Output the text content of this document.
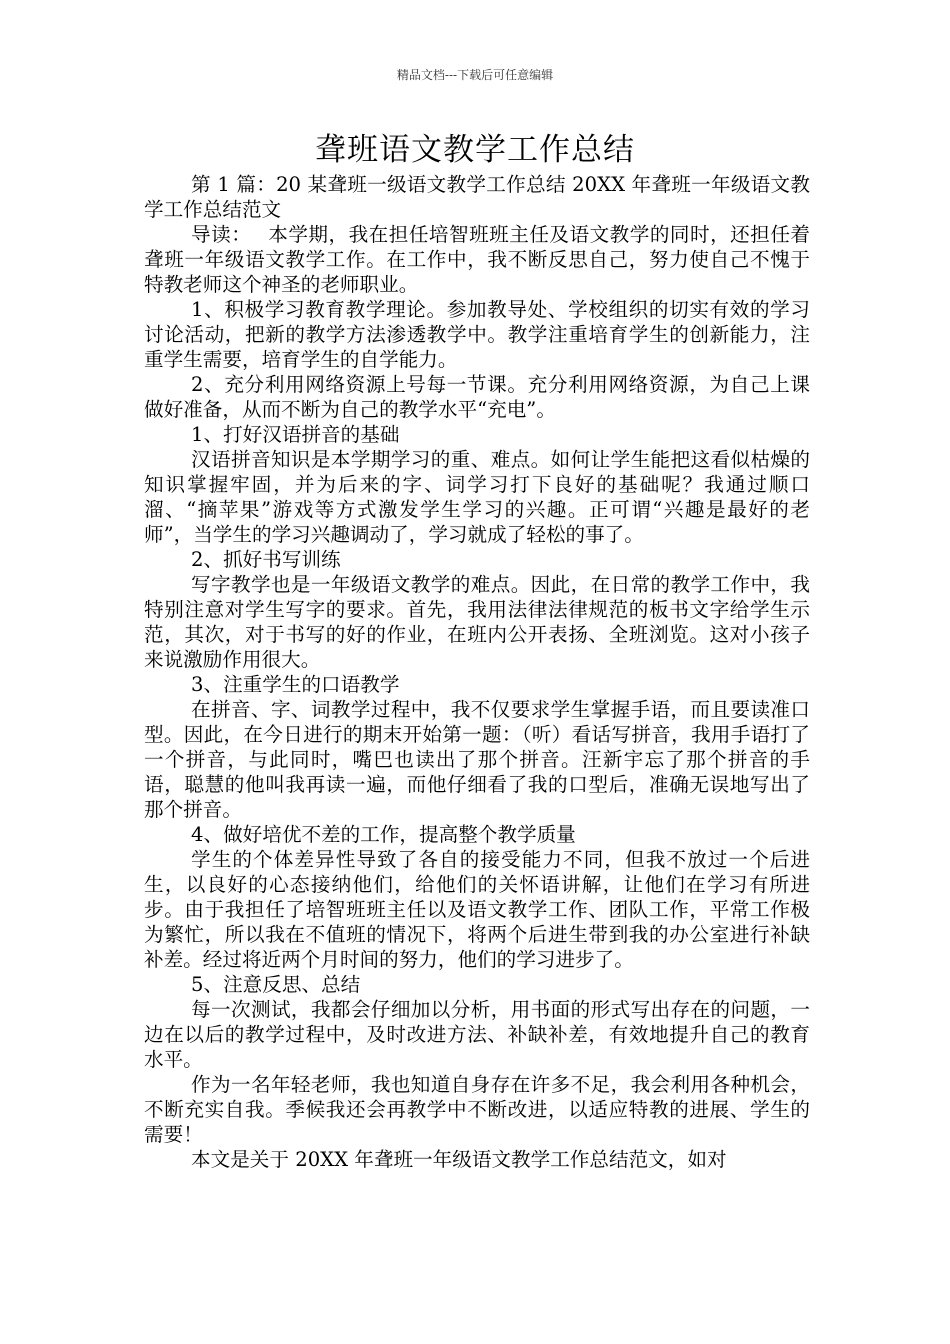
精品文档---下载后可任意编辑
聋班语文教学工作总结

第 1 篇：20 某聋班一级语文教学工作总结 20XX 年聋班一年级语文教学工作总结范文

导读：　 本学期，我在担任培智班班主任及语文教学的同时，还担任着聋班一年级语文教学工作。在工作中，我不断反思自己，努力使自己不愧于特教老师这个神圣的老师职业。

1、积极学习教育教学理论。参加教导处、学校组织的切实有效的学习讨论活动，把新的教学方法渗透教学中。教学注重培育学生的创新能力，注重学生需要，培育学生的自学能力。

2、充分利用网络资源上号每一节课。充分利用网络资源，为自己上课做好准备，从而不断为自己的教学水平“充电”。

1、打好汉语拼音的基础

汉语拼音知识是本学期学习的重、难点。如何让学生能把这看似枯燥的知识掌握牢固，并为后来的字、词学习打下良好的基础呢？我通过顺口溜、“摘苹果”游戏等方式激发学生学习的兴趣。正可谓“兴趣是最好的老师”，当学生的学习兴趣调动了，学习就成了轻松的事了。

2、抓好书写训练

写字教学也是一年级语文教学的难点。因此，在日常的教学工作中，我特别注意对学生写字的要求。首先，我用法律法律规范的板书文字给学生示范，其次，对于书写的好的作业，在班内公开表扬、全班浏览。这对小孩子来说激励作用很大。

3、注重学生的口语教学

在拼音、字、词教学过程中，我不仅要求学生掌握手语，而且要读准口型。因此，在今日进行的期末开始第一题：（听）看话写拼音，我用手语打了一个拼音，与此同时，嘴巴也读出了那个拼音。汪新宇忘了那个拼音的手语，聪慧的他叫我再读一遍，而他仔细看了我的口型后，准确无误地写出了那个拼音。

4、做好培优不差的工作，提高整个教学质量

学生的个体差异性导致了各自的接受能力不同，但我不放过一个后进生，以良好的心态接纳他们，给他们的关怀语讲解，让他们在学习有所进步。由于我担任了培智班班主任以及语文教学工作、团队工作，平常工作极为繁忙，所以我在不值班的情况下，将两个后进生带到我的办公室进行补缺补差。经过将近两个月时间的努力，他们的学习进步了。

5、注意反思、总结

每一次测试，我都会仔细加以分析，用书面的形式写出存在的问题，一边在以后的教学过程中，及时改进方法、补缺补差，有效地提升自己的教育水平。

作为一名年轻老师，我也知道自身存在许多不足，我会利用各种机会，不断充实自我。季候我还会再教学中不断改进，以适应特教的进展、学生的需要！

本文是关于 20XX 年聋班一年级语文教学工作总结范文，如对
